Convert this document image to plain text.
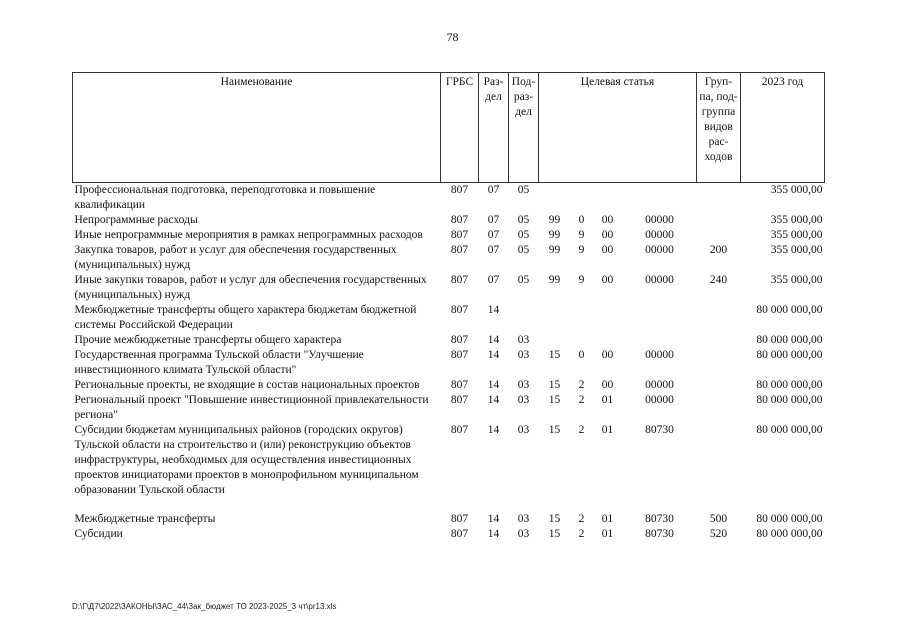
78
Наименование	ГРБС	Раз-дел	Под-раз-дел	Целевая статья				Груп-па, под-группа видов рас-ходов	2023 год
Профессиональная подготовка, переподготовка и повышение квалификации	807	07	05						355 000,00
Непрограммные расходы	807	07	05	99	0	00	00000		355 000,00
Иные непрограммные мероприятия в рамках непрограммных расходов	807	07	05	99	9	00	00000		355 000,00
Закупка товаров, работ и услуг для обеспечения государственных (муниципальных) нужд	807	07	05	99	9	00	00000	200	355 000,00
Иные закупки товаров, работ и услуг для обеспечения государственных (муниципальных) нужд	807	07	05	99	9	00	00000	240	355 000,00
Межбюджетные трансферты общего характера бюджетам бюджетной системы Российской Федерации	807	14							80 000 000,00
Прочие межбюджетные трансферты общего характера	807	14	03						80 000 000,00
Государственная программа Тульской области "Улучшение инвестиционного климата Тульской области"	807	14	03	15	0	00	00000		80 000 000,00
Региональные проекты, не входящие в состав национальных проектов	807	14	03	15	2	00	00000		80 000 000,00
Региональный проект "Повышение инвестиционной привлекательности региона"	807	14	03	15	2	01	00000		80 000 000,00
Субсидии бюджетам муниципальных районов (городских округов) Тульской области на строительство и (или) реконструкцию объектов инфраструктуры, необходимых для осуществления инвестиционных проектов инициаторами проектов в монопрофильном муниципальном образовании Тульской области	807	14	03	15	2	01	80730		80 000 000,00

Межбюджетные трансферты	807	14	03	15	2	01	80730	500	80 000 000,00
Субсидии	807	14	03	15	2	01	80730	520	80 000 000,00
D:\Г\Д7\2022\ЗАКОНЫ\ЗАС_44\Зак_бюджет ТО 2023-2025_3 чт\pr13.xls
